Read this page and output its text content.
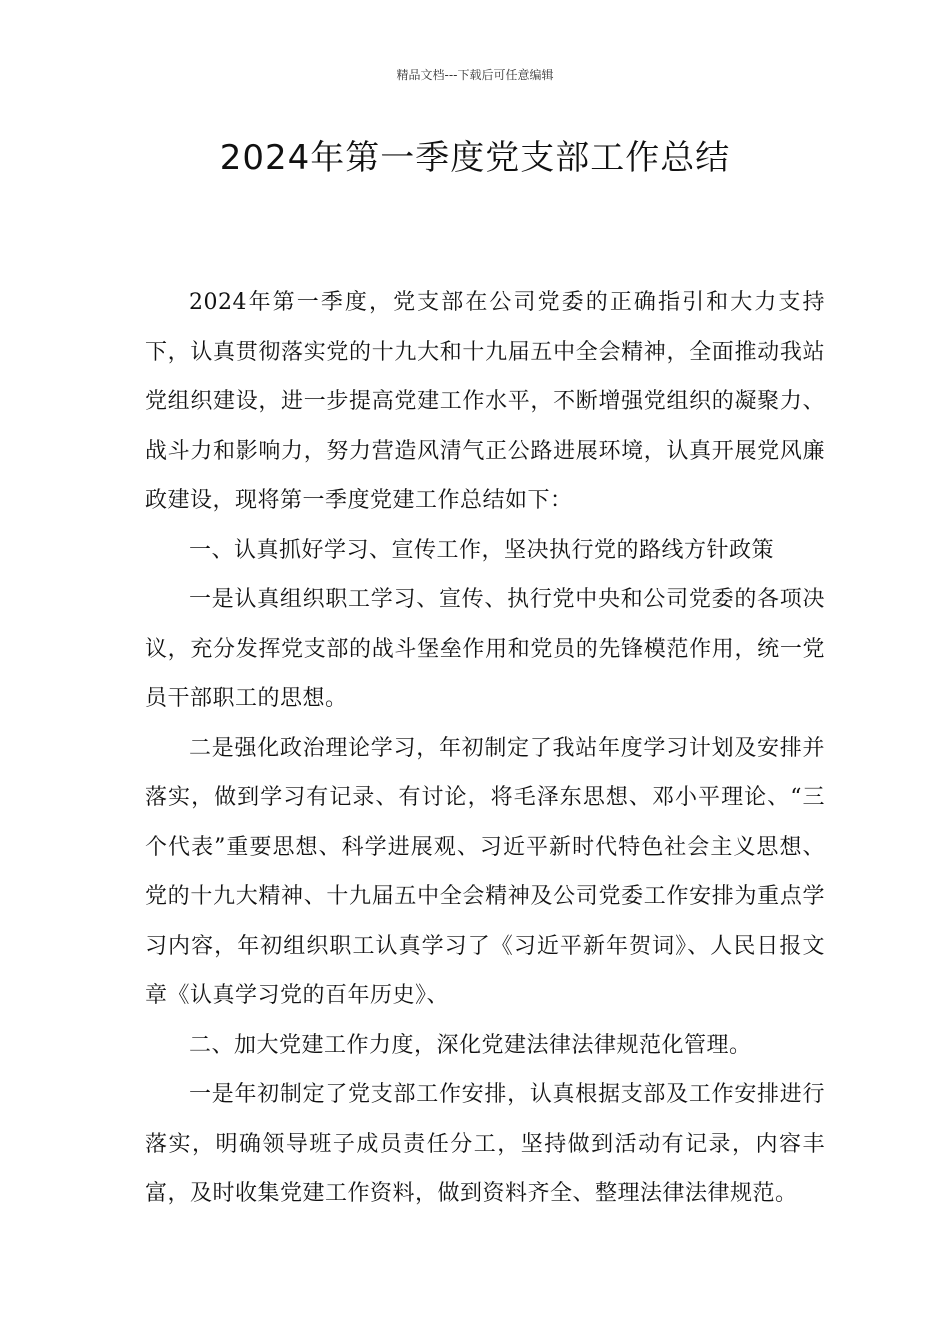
精品文档---下载后可任意编辑
2024年第一季度党支部工作总结

2024年第一季度，党支部在公司党委的正确指引和大力支持下，认真贯彻落实党的十九大和十九届五中全会精神，全面推动我站党组织建设，进一步提高党建工作水平，不断增强党组织的凝聚力、战斗力和影响力，努力营造风清气正公路进展环境，认真开展党风廉政建设，现将第一季度党建工作总结如下：

一、认真抓好学习、宣传工作，坚决执行党的路线方针政策

一是认真组织职工学习、宣传、执行党中央和公司党委的各项决议，充分发挥党支部的战斗堡垒作用和党员的先锋模范作用，统一党员干部职工的思想。

二是强化政治理论学习，年初制定了我站年度学习计划及安排并落实，做到学习有记录、有讨论，将毛泽东思想、邓小平理论、“三个代表”重要思想、科学进展观、习近平新时代特色社会主义思想、党的十九大精神、十九届五中全会精神及公司党委工作安排为重点学习内容，年初组织职工认真学习了《习近平新年贺词》、人民日报文章《认真学习党的百年历史》、

二、加大党建工作力度，深化党建法律法律规范化管理。

一是年初制定了党支部工作安排，认真根据支部及工作安排进行落实，明确领导班子成员责任分工，坚持做到活动有记录，内容丰富，及时收集党建工作资料，做到资料齐全、整理法律法律规范。
